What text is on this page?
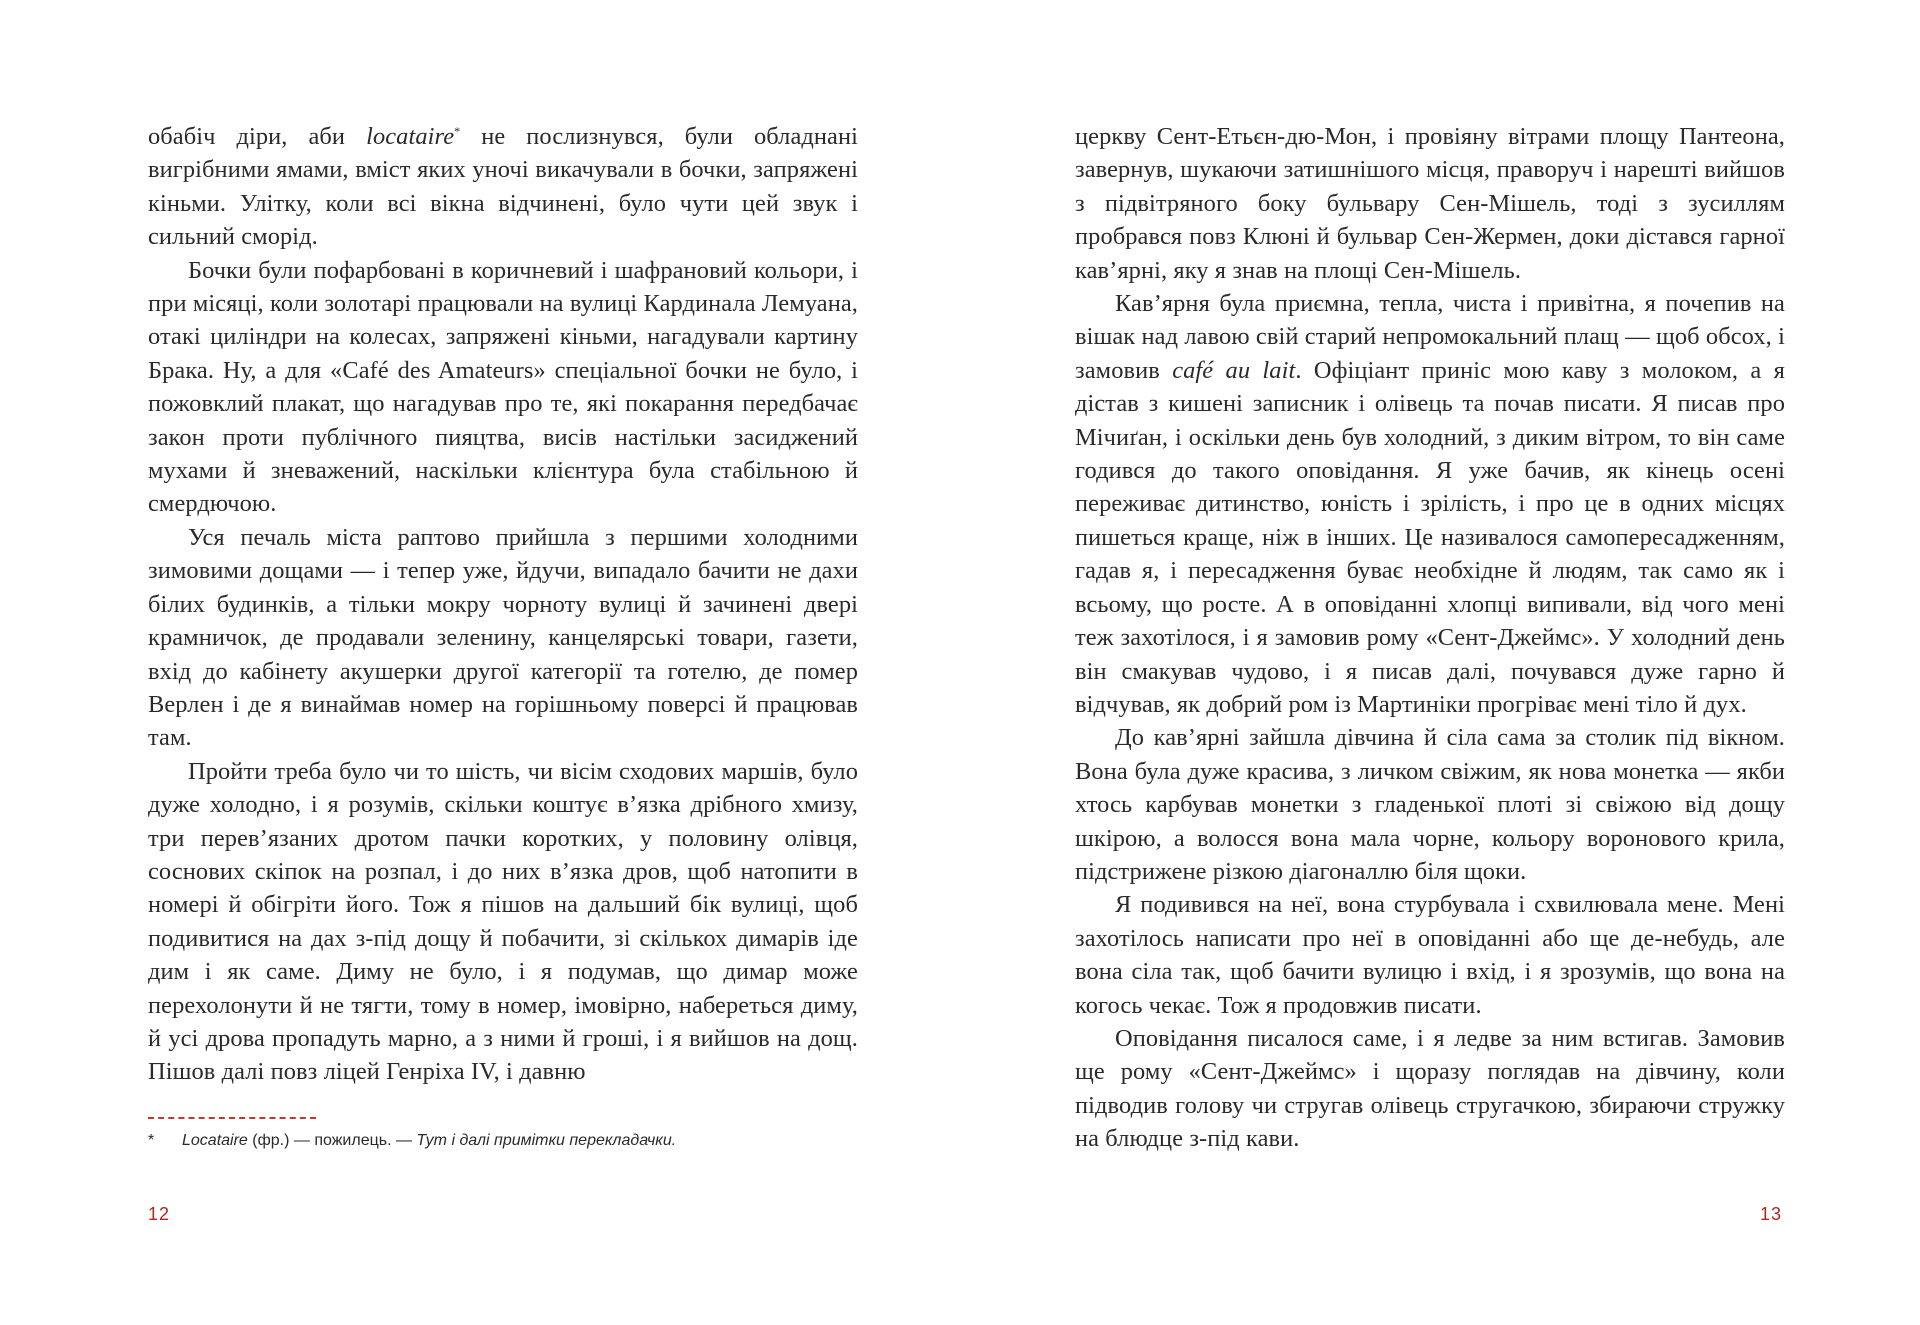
обабіч діри, аби locataire* не послизнувся, були обладнані вигрібними ямами, вміст яких уночі викачували в бочки, запряжені кіньми. Улітку, коли всі вікна відчинені, було чути цей звук і сильний сморід.

Бочки були пофарбовані в коричневий і шафрановий кольори, і при місяці, коли золотарі працювали на вулиці Кардинала Лемуана, отакі циліндри на колесах, запряжені кіньми, нагадували картину Брака. Ну, а для «Café des Amateurs» спеціальної бочки не було, і пожовклий плакат, що нагадував про те, які покарання передбачає закон проти публічного пияцтва, висів настільки засиджений мухами й зневажений, наскільки клієнтура була стабільною й смердючою.

Уся печаль міста раптово прийшла з першими холодними зимовими дощами — і тепер уже, йдучи, випадало бачити не дахи білих будинків, а тільки мокру чорноту вулиці й зачинені двері крамничок, де продавали зеленину, канцелярські товари, газети, вхід до кабінету акушерки другої категорії та готелю, де помер Верлен і де я винаймав номер на горішньому поверсі й працював там.

Пройти треба було чи то шість, чи вісім сходових маршів, було дуже холодно, і я розумів, скільки коштує в’язка дрібного хмизу, три перев’язаних дротом пачки коротких, у половину олівця, соснових скіпок на розпал, і до них в’язка дров, щоб натопити в номері й обігріти його. Тож я пішов на дальший бік вулиці, щоб подивитися на дах з-під дощу й побачити, зі скількох димарів іде дим і як саме. Диму не було, і я подумав, що димар може перехолонути й не тягти, тому в номер, імовірно, набереться диму, й усі дрова пропадуть марно, а з ними й гроші, і я вийшов на дощ. Пішов далі повз ліцей Генріха IV, і давню

* Locataire (фр.) — пожилець. — Тут і далі примітки перекладачки.
12

церкву Сент-Етьєн-дю-Мон, і провіяну вітрами площу Пантеона, завернув, шукаючи затишнішого місця, праворуч і нарешті вийшов з підвітряного боку бульвару Сен-Мішель, тоді з зусиллям пробрався повз Клюні й бульвар Сен-Жермен, доки дістався гарної кав’ярні, яку я знав на площі Сен-Мішель.

Кав’ярня була приємна, тепла, чиста і привітна, я почепив на вішак над лавою свій старий непромокальний плащ — щоб обсох, і замовив café au lait. Офіціант приніс мою каву з молоком, а я дістав з кишені записник і олівець та почав писати. Я писав про Мічиґан, і оскільки день був холодний, з диким вітром, то він саме годився до такого оповідання. Я уже бачив, як кінець осені переживає дитинство, юність і зрілість, і про це в одних місцях пишеться краще, ніж в інших. Це називалося самопересадженням, гадав я, і пересадження буває необхідне й людям, так само як і всьому, що росте. А в оповіданні хлопці випивали, від чого мені теж захотілося, і я замовив рому «Сент-Джеймс». У холодний день він смакував чудово, і я писав далі, почувався дуже гарно й відчував, як добрий ром із Мартиніки прогріває мені тіло й дух.

До кав’ярні зайшла дівчина й сіла сама за столик під вікном. Вона була дуже красива, з личком свіжим, як нова монетка — якби хтось карбував монетки з гладенької плоті зі свіжою від дощу шкірою, а волосся вона мала чорне, кольору воронового крила, підстрижене різкою діагоналлю біля щоки.

Я подивився на неї, вона стурбувала і схвилювала мене. Мені захотілось написати про неї в оповіданні або ще де-небудь, але вона сіла так, щоб бачити вулицю і вхід, і я зрозумів, що вона на когось чекає. Тож я продовжив писати.

Оповідання писалося саме, і я ледве за ним встигав. Замовив ще рому «Сент-Джеймс» і щоразу поглядав на дівчину, коли підводив голову чи стругав олівець стругачкою, збираючи стружку на блюдце з-під кави.

13
